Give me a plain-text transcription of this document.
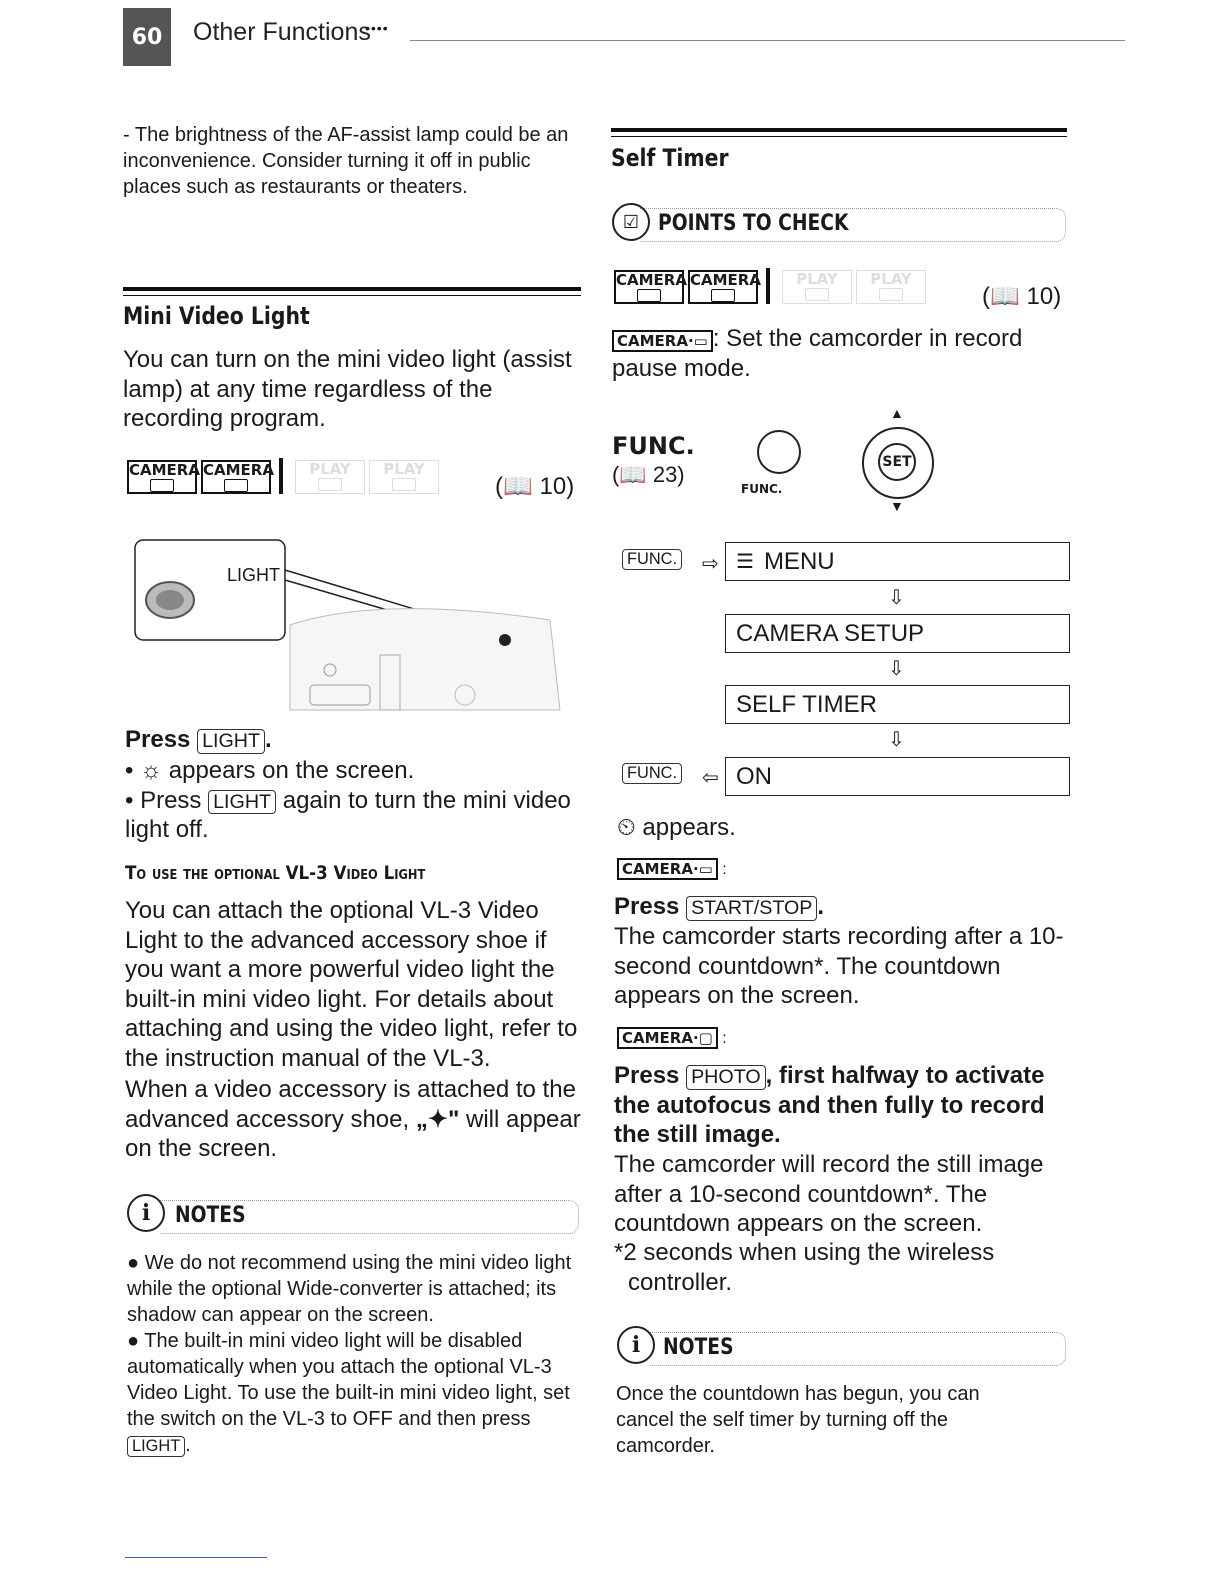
60	Other Functions
••••
- The brightness of the AF-assist lamp could be an inconvenience. Consider turning it off in public places such as restaurants or theaters.
Mini Video Light
You can turn on the mini video light (assist lamp) at any time regardless of the recording program.
CAMERA CAMERA	PLAY	PLAY

(📖 10)
LIGHT
Press LIGHT .
• ☼ appears on the screen.
• Press LIGHT again to turn the mini video light off.
To use the optional VL-3 Video Light
You can attach the optional VL-3 Video Light to the advanced accessory shoe if you want a more powerful video light the built-in mini video light. For details about attaching and using the video light, refer to the instruction manual of the VL-3.
When a video accessory is attached to the advanced accessory shoe, „✦" will appear on the screen.
i	NOTES
● We do not recommend using the mini video light while the optional Wide-converter is attached; its shadow can appear on the screen.
● The built-in mini video light will be disabled automatically when you attach the optional VL-3 Video Light. To use the built-in mini video light, set the switch on the VL-3 to OFF and then press LIGHT .
Self Timer
☑ POINTS TO CHECK
CAMERA CAMERA	PLAY	PLAY

(📖 10)
CAMERA·▭ : Set the camcorder in record pause mode.
FUNC.
(📖 23)
FUNC.
▲
SET
▼
FUNC. ⇨ ☰ MENU
⇩
CAMERA SETUP
⇩
SELF TIMER
⇩
FUNC. ⇦ ON
⏲ appears.
CAMERA·▭ :
Press START/STOP .
The camcorder starts recording after a 10-second countdown*. The countdown appears on the screen.
CAMERA·▢ :
Press PHOTO , first halfway to activate the autofocus and then fully to record the still image.
The camcorder will record the still image after a 10-second countdown*. The countdown appears on the screen.
*2 seconds when using the wireless controller.
i	NOTES
Once the countdown has begun, you can cancel the self timer by turning off the camcorder.
